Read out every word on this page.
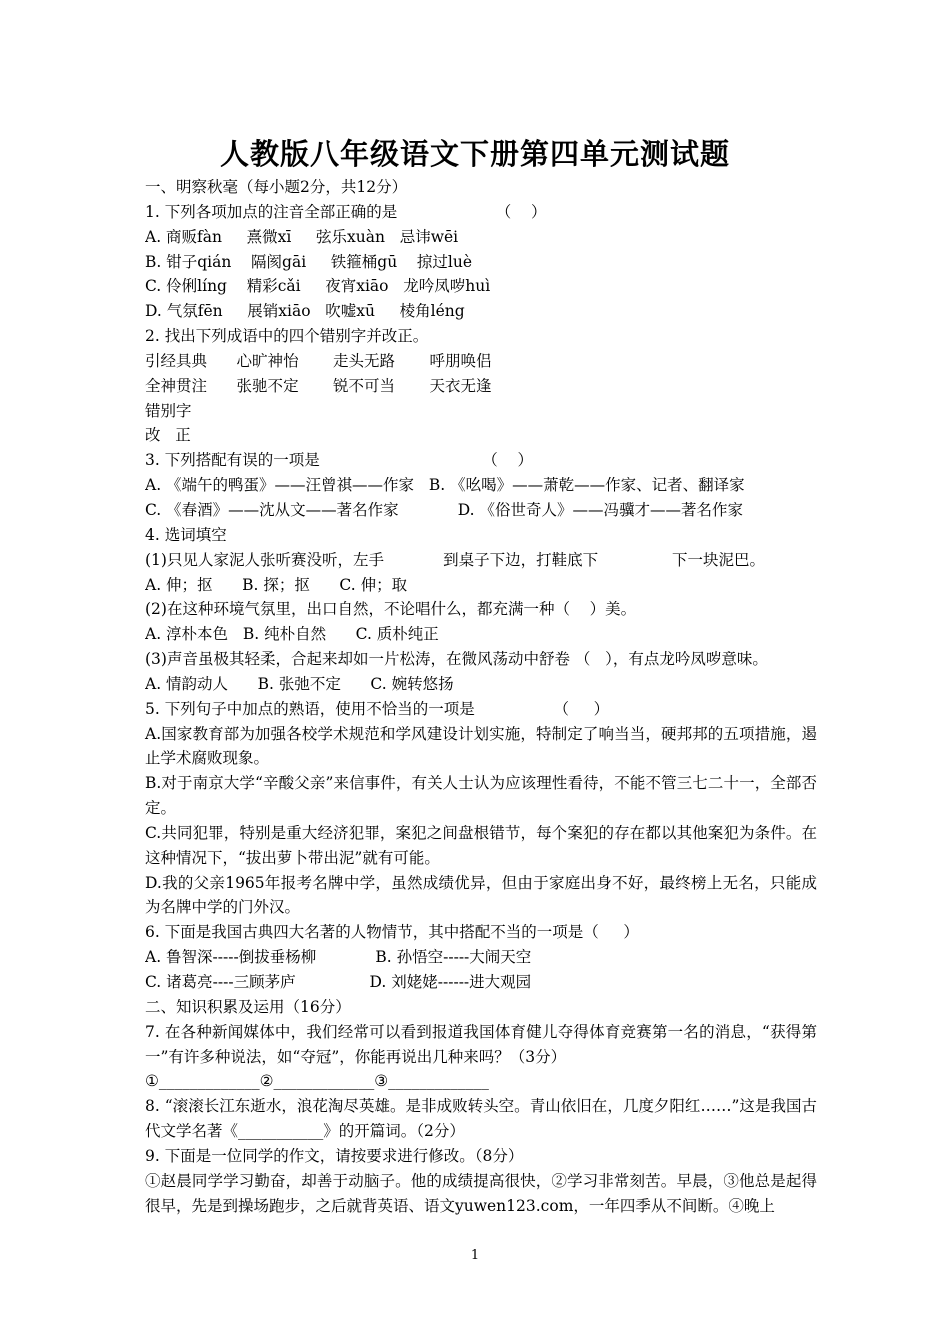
人教版八年级语文下册第四单元测试题
一、明察秋毫（每小题2分，共12分）
1. 下列各项加点的注音全部正确的是                    （    ）
A. 商贩fàn     熹微xī     弦乐xuàn   忌讳wēi
B. 钳子qián    隔阂gāi     铁箍桶gū    掠过luè
C. 伶俐líng    精彩cǎi     夜宵xiāo   龙吟凤哕huì
D. 气氛fēn     展销xiāo   吹嘘xū     棱角léng
2. 找出下列成语中的四个错别字并改正。
引经具典      心旷神怡       走头无路       呼朋唤侣
全神贯注      张驰不定       锐不可当       天衣无逢
错别字
改   正
3. 下列搭配有误的一项是                                 （    ）
A. 《端午的鸭蛋》——汪曾祺——作家   B. 《吆喝》——萧乾——作家、记者、翻译家
C. 《春酒》——沈从文——著名作家            D. 《俗世奇人》——冯骥才——著名作家
4. 选词填空
(1)只见人家泥人张听赛没听，左手            到桌子下边，打鞋底下               下一块泥巴。
A. 伸；抠      B. 探；抠      C. 伸；取
(2)在这种环境气氛里，出口自然，不论唱什么，都充满一种（    ）美。
A. 淳朴本色   B. 纯朴自然      C. 质朴纯正
(3)声音虽极其轻柔，合起来却如一片松涛，在微风荡动中舒卷 （   ），有点龙吟凤哕意味。
A. 情韵动人      B. 张弛不定      C. 婉转悠扬
5. 下列句子中加点的熟语，使用不恰当的一项是                （     ）
A.国家教育部为加强各校学术规范和学风建设计划实施，特制定了响当当，硬邦邦的五项措施，遏止学术腐败现象。
B.对于南京大学“辛酸父亲”来信事件，有关人士认为应该理性看待，不能不管三七二十一，全部否定。
C.共同犯罪，特别是重大经济犯罪，案犯之间盘根错节，每个案犯的存在都以其他案犯为条件。在这种情况下，“拔出萝卜带出泥”就有可能。
D.我的父亲1965年报考名牌中学，虽然成绩优异，但由于家庭出身不好，最终榜上无名，只能成为名牌中学的门外汉。
6. 下面是我国古典四大名著的人物情节，其中搭配不当的一项是（     ）
A. 鲁智深-----倒拔垂杨柳            B. 孙悟空-----大闹天空
C. 诸葛亮----三顾茅庐               D. 刘姥姥------进大观园
二、知识积累及运用（16分）
7. 在各种新闻媒体中，我们经常可以看到报道我国体育健儿夺得体育竞赛第一名的消息，“获得第一”有许多种说法，如“夺冠”，你能再说出几种来吗？（3分）
①_____________②_____________③_____________
8. “滚滚长江东逝水，浪花淘尽英雄。是非成败转头空。青山依旧在，几度夕阳红……”这是我国古代文学名著《___________》的开篇词。（2分）
9. 下面是一位同学的作文，请按要求进行修改。（8分）
①赵晨同学学习勤奋，却善于动脑子。他的成绩提高很快，②学习非常刻苦。早晨，③他总是起得很早，先是到操场跑步，之后就背英语、语文yuwen123.com，一年四季从不间断。④晚上
1
